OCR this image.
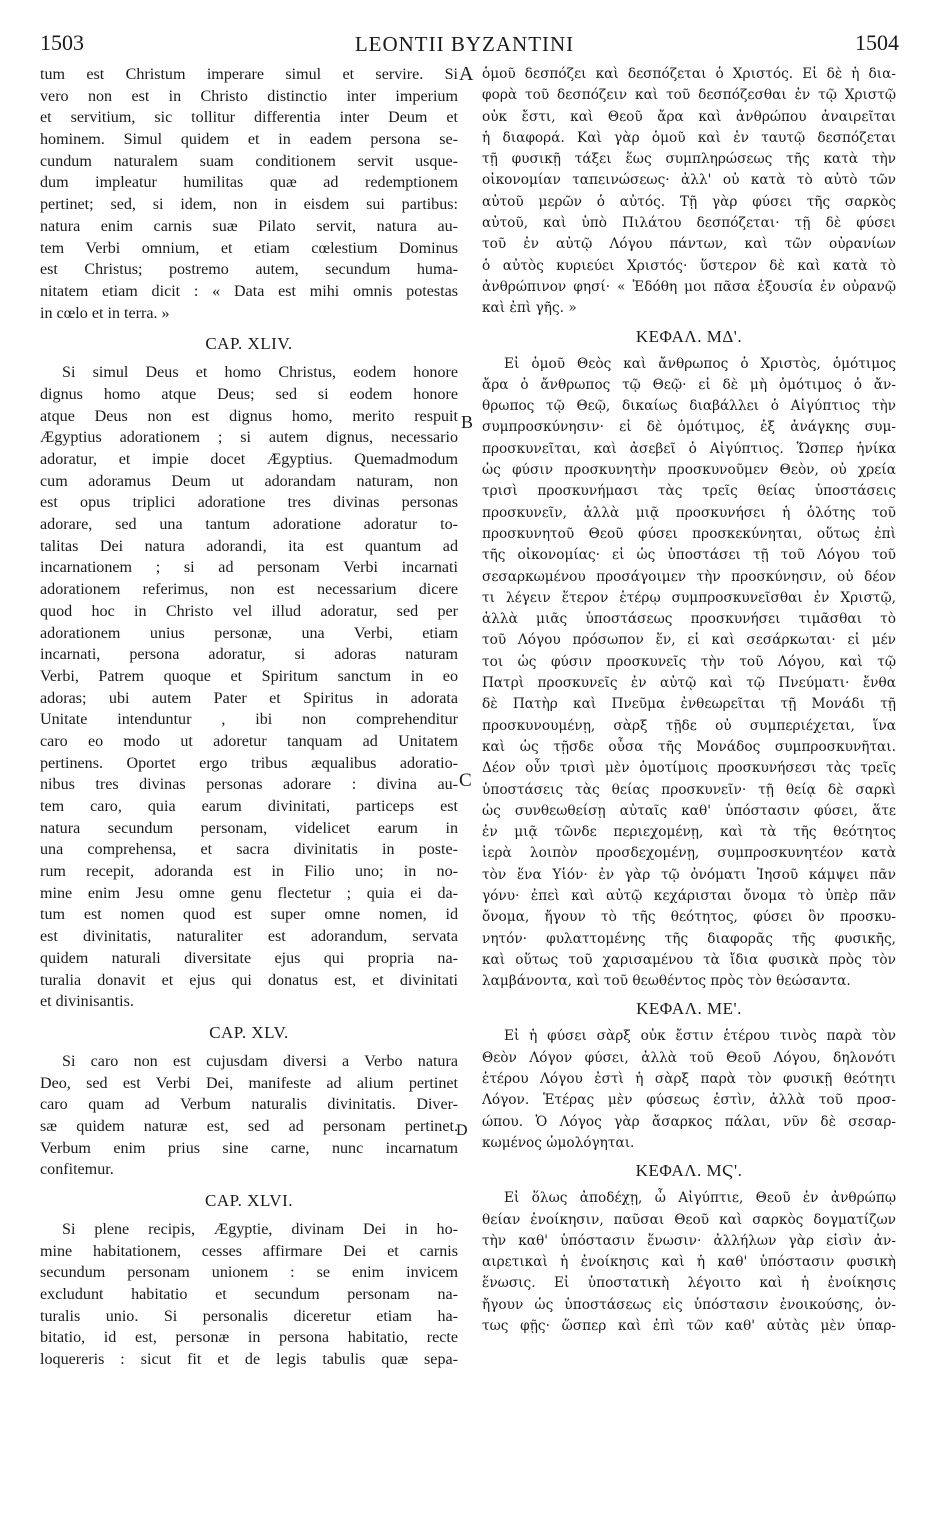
1503	LEONTII BYZANTINI	1504
A
B
C
D
tum est Christum imperare simul et servire. Si
vero non est in Christo distinctio inter imperium
et servitium, sic tollitur differentia inter Deum et
hominem. Simul quidem et in eadem persona se-
cundum naturalem suam conditionem servit usque-
dum impleatur humilitas quæ ad redemptionem
pertinet; sed, si idem, non in eisdem sui partibus:
natura enim carnis suæ Pilato servit, natura au-
tem Verbi omnium, et etiam cœlestium Dominus
est Christus; postremo autem, secundum huma-
nitatem etiam dicit : « Data est mihi omnis potestas
in cœlo et in terra. »
CAP. XLIV.
Si simul Deus et homo Christus, eodem honore
dignus homo atque Deus; sed si eodem honore
atque Deus non est dignus homo, merito respuit
Ægyptius adorationem ; si autem dignus, necessario
adoratur, et impie docet Ægyptius. Quemadmodum
cum adoramus Deum ut adorandam naturam, non
est opus triplici adoratione tres divinas personas
adorare, sed una tantum adoratione adoratur to-
talitas Dei natura adorandi, ita est quantum ad
incarnationem ; si ad personam Verbi incarnati
adorationem referimus, non est necessarium dicere
quod hoc in Christo vel illud adoratur, sed per
adorationem unius personæ, una Verbi, etiam
incarnati, persona adoratur, si adoras naturam
Verbi, Patrem quoque et Spiritum sanctum in eo
adoras; ubi autem Pater et Spiritus in adorata
Unitate intenduntur , ibi non comprehenditur
caro eo modo ut adoretur tanquam ad Unitatem
pertinens. Oportet ergo tribus æqualibus adoratio-
nibus tres divinas personas adorare : divina au-
tem caro, quia earum divinitati, particeps est
natura secundum personam, videlicet earum in
una comprehensa, et sacra divinitatis in poste-
rum recepit, adoranda est in Filio uno; in no-
mine enim Jesu omne genu flectetur ; quia ei da-
tum est nomen quod est super omne nomen, id
est divinitatis, naturaliter est adorandum, servata
quidem naturali diversitate ejus qui propria na-
turalia donavit et ejus qui donatus est, et divinitati
et divinisantis.
CAP. XLV.
Si caro non est cujusdam diversi a Verbo natura
Deo, sed est Verbi Dei, manifeste ad alium pertinet
caro quam ad Verbum naturalis divinitatis. Diver-
sæ quidem naturæ est, sed ad personam pertinet.
Verbum enim prius sine carne, nunc incarnatum
confitemur.
CAP. XLVI.
Si plene recipis, Ægyptie, divinam Dei in ho-
mine habitationem, cesses affirmare Dei et carnis
secundum personam unionem : se enim invicem
excludunt habitatio et secundum personam na-
turalis unio. Si personalis diceretur etiam ha-
bitatio, id est, personæ in persona habitatio, recte
loquereris : sicut fit et de legis tabulis quæ sepa-
ὁμοῦ δεσπόζει καὶ δεσπόζεται ὁ Χριστός. Εἰ δὲ ἡ δια-
φορὰ τοῦ δεσπόζειν καὶ τοῦ δεσπόζεσθαι ἐν τῷ Χριστῷ
οὐκ ἔστι, καὶ Θεοῦ ἄρα καὶ ἀνθρώπου ἀναιρεῖται
ἡ διαφορά. Καὶ γὰρ ὁμοῦ καὶ ἐν ταυτῷ δεσπόζεται
τῇ φυσικῇ τάξει ἕως συμπληρώσεως τῆς κατὰ τὴν
οἰκονομίαν ταπεινώσεως· ἀλλ' οὐ κατὰ τὸ αὐτὸ τῶν
αὐτοῦ μερῶν ὁ αὐτός. Τῇ γὰρ φύσει τῆς σαρκὸς
αὐτοῦ, καὶ ὑπὸ Πιλάτου δεσπόζεται· τῇ δὲ φύσει
τοῦ ἐν αὐτῷ Λόγου πάντων, καὶ τῶν οὐρανίων
ὁ αὐτὸς κυριεύει Χριστός· ὕστερον δὲ καὶ κατὰ τὸ
ἀνθρώπινον φησί· « Ἐδόθη μοι πᾶσα ἐξουσία ἐν οὐρανῷ
καὶ ἐπὶ γῆς. »
ΚΕΦΑΛ. ΜΔ'.
Εἰ ὁμοῦ Θεὸς καὶ ἄνθρωπος ὁ Χριστὸς, ὁμότιμος
ἄρα ὁ ἄνθρωπος τῷ Θεῷ· εἰ δὲ μὴ ὁμότιμος ὁ ἄν-
θρωπος τῷ Θεῷ, δικαίως διαβάλλει ὁ Αἰγύπτιος τὴν
συμπροσκύνησιν· εἰ δὲ ὁμότιμος, ἐξ ἀνάγκης συμ-
προσκυνεῖται, καὶ ἀσεβεῖ ὁ Αἰγύπτιος. Ὥσπερ ἡνίκα
ὡς φύσιν προσκυνητὴν προσκυνοῦμεν Θεὸν, οὐ χρεία
τρισὶ προσκυνήμασι τὰς τρεῖς θείας ὑποστάσεις
προσκυνεῖν, ἀλλὰ μιᾷ προσκυνήσει ἡ ὁλότης τοῦ
προσκυνητοῦ Θεοῦ φύσει προσκεκύνηται, οὕτως ἐπὶ
τῆς οἰκονομίας· εἰ ὡς ὑποστάσει τῇ τοῦ Λόγου τοῦ
σεσαρκωμένου προσάγοιμεν τὴν προσκύνησιν, οὐ δέον
τι λέγειν ἕτερον ἑτέρῳ συμπροσκυνεῖσθαι ἐν Χριστῷ,
ἀλλὰ μιᾶς ὑποστάσεως προσκυνήσει τιμᾶσθαι τὸ
τοῦ Λόγου πρόσωπον ἕν, εἰ καὶ σεσάρκωται· εἰ μέν
τοι ὡς φύσιν προσκυνεῖς τὴν τοῦ Λόγου, καὶ τῷ
Πατρὶ προσκυνεῖς ἐν αὐτῷ καὶ τῷ Πνεύματι· ἔνθα
δὲ Πατὴρ καὶ Πνεῦμα ἐνθεωρεῖται τῇ Μονάδι τῇ
προσκυνουμένῃ, σὰρξ τῇδε οὐ συμπεριέχεται, ἵνα
καὶ ὡς τῇσδε οὖσα τῆς Μονάδος συμπροσκυνῆται.
Δέον οὖν τρισὶ μὲν ὁμοτίμοις προσκυνήσεσι τὰς τρεῖς
ὑποστάσεις τὰς θείας προσκυνεῖν· τῇ θείᾳ δὲ σαρκὶ
ὡς συνθεωθείσῃ αὐταῖς καθ' ὑπόστασιν φύσει, ἅτε
ἐν μιᾷ τῶνδε περιεχομένῃ, καὶ τὰ τῆς θεότητος
ἱερὰ λοιπὸν προσδεχομένῃ, συμπροσκυνητέον κατὰ
τὸν ἕνα Υἱόν· ἐν γὰρ τῷ ὀνόματι Ἰησοῦ κάμψει πᾶν
γόνυ· ἐπεὶ καὶ αὐτῷ κεχάρισται ὄνομα τὸ ὑπὲρ πᾶν
ὄνομα, ἤγουν τὸ τῆς θεότητος, φύσει ὂν προσκυ-
νητόν· φυλαττομένης τῆς διαφορᾶς τῆς φυσικῆς,
καὶ οὕτως τοῦ χαρισαμένου τὰ ἴδια φυσικὰ πρὸς τὸν
λαμβάνοντα, καὶ τοῦ θεωθέντος πρὸς τὸν θεώσαντα.
ΚΕΦΑΛ. ΜΕ'.
Εἰ ἡ φύσει σὰρξ οὐκ ἔστιν ἑτέρου τινὸς παρὰ τὸν
Θεὸν Λόγον φύσει, ἀλλὰ τοῦ Θεοῦ Λόγου, δηλονότι
ἑτέρου Λόγου ἐστὶ ἡ σὰρξ παρὰ τὸν φυσικῇ θεότητι
Λόγον. Ἑτέρας μὲν φύσεως ἐστὶν, ἀλλὰ τοῦ προσ-
ώπου. Ὁ Λόγος γὰρ ἄσαρκος πάλαι, νῦν δὲ σεσαρ-
κωμένος ὡμολόγηται.
ΚΕΦΑΛ. ΜϚ'.
Εἰ ὅλως ἀποδέχῃ, ὦ Αἰγύπτιε, Θεοῦ ἐν ἀνθρώπῳ
θείαν ἐνοίκησιν, παῦσαι Θεοῦ καὶ σαρκὸς δογματίζων
τὴν καθ' ὑπόστασιν ἕνωσιν· ἀλλήλων γὰρ εἰσὶν ἀν-
αιρετικαὶ ἡ ἐνοίκησις καὶ ἡ καθ' ὑπόστασιν φυσικὴ
ἕνωσις. Εἰ ὑποστατικὴ λέγοιτο καὶ ἡ ἐνοίκησις
ἤγουν ὡς ὑποστάσεως εἰς ὑπόστασιν ἐνοικούσης, ὀν-
τως φῇς· ὥσπερ καὶ ἐπὶ τῶν καθ' αὐτὰς μὲν ὑπαρ-
